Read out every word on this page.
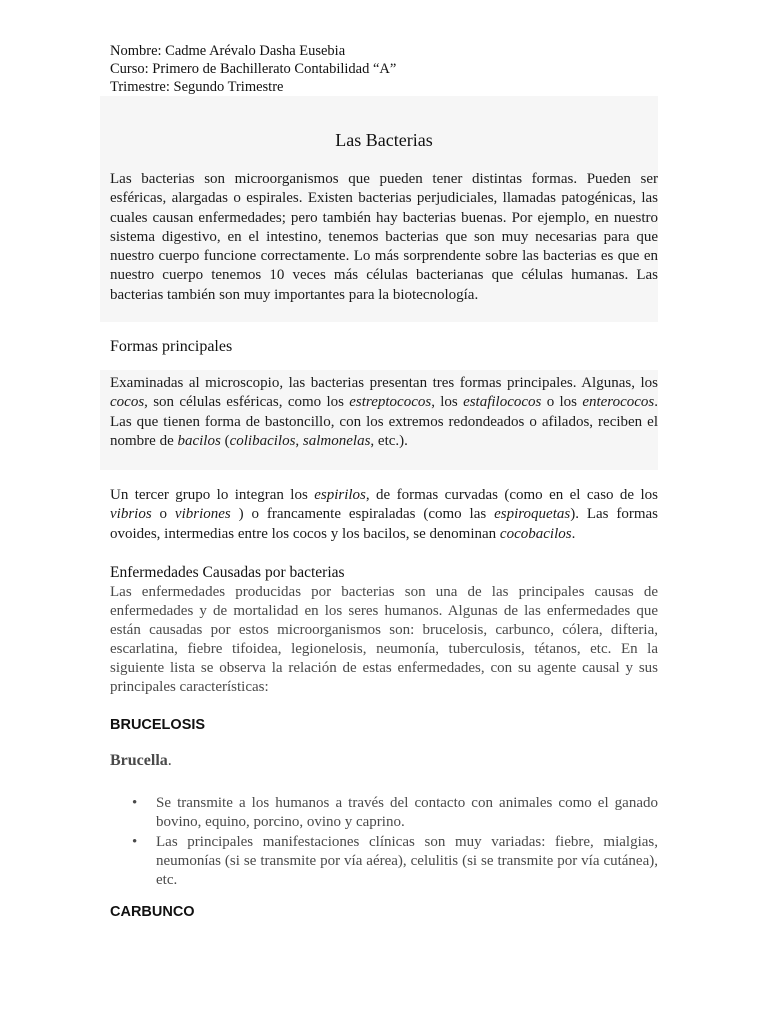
Nombre: Cadme Arévalo Dasha Eusebia
Curso: Primero de Bachillerato Contabilidad “A”
Trimestre: Segundo Trimestre
Las Bacterias

Las bacterias son microorganismos que pueden tener distintas formas. Pueden ser esféricas, alargadas o espirales. Existen bacterias perjudiciales, llamadas patogénicas, las cuales causan enfermedades; pero también hay bacterias buenas. Por ejemplo, en nuestro sistema digestivo, en el intestino, tenemos bacterias que son muy necesarias para que nuestro cuerpo funcione correctamente. Lo más sorprendente sobre las bacterias es que en nuestro cuerpo tenemos 10 veces más células bacterianas que células humanas. Las bacterias también son muy importantes para la biotecnología.

Formas principales

Examinadas al microscopio, las bacterias presentan tres formas principales. Algunas, los cocos, son células esféricas, como los estreptococos, los estafilococos o los enterococos. Las que tienen forma de bastoncillo, con los extremos redondeados o afilados, reciben el nombre de bacilos (colibacilos, salmonelas, etc.).

Un tercer grupo lo integran los espirilos, de formas curvadas (como en el caso de los vibrios o vibriones ) o francamente espiraladas (como las espiroquetas). Las formas ovoides, intermedias entre los cocos y los bacilos, se denominan cocobacilos.

Enfermedades Causadas por bacterias

Las enfermedades producidas por bacterias son una de las principales causas de enfermedades y de mortalidad en los seres humanos. Algunas de las enfermedades que están causadas por estos microorganismos son: brucelosis, carbunco, cólera, difteria, escarlatina, fiebre tifoidea, legionelosis, neumonía, tuberculosis, tétanos, etc. En la siguiente lista se observa la relación de estas enfermedades, con su agente causal y sus principales características:

BRUCELOSIS
Brucella.
• Se transmite a los humanos a través del contacto con animales como el ganado bovino, equino, porcino, ovino y caprino.
• Las principales manifestaciones clínicas son muy variadas: fiebre, mialgias, neumonías (si se transmite por vía aérea), celulitis (si se transmite por vía cutánea), etc.
CARBUNCO
